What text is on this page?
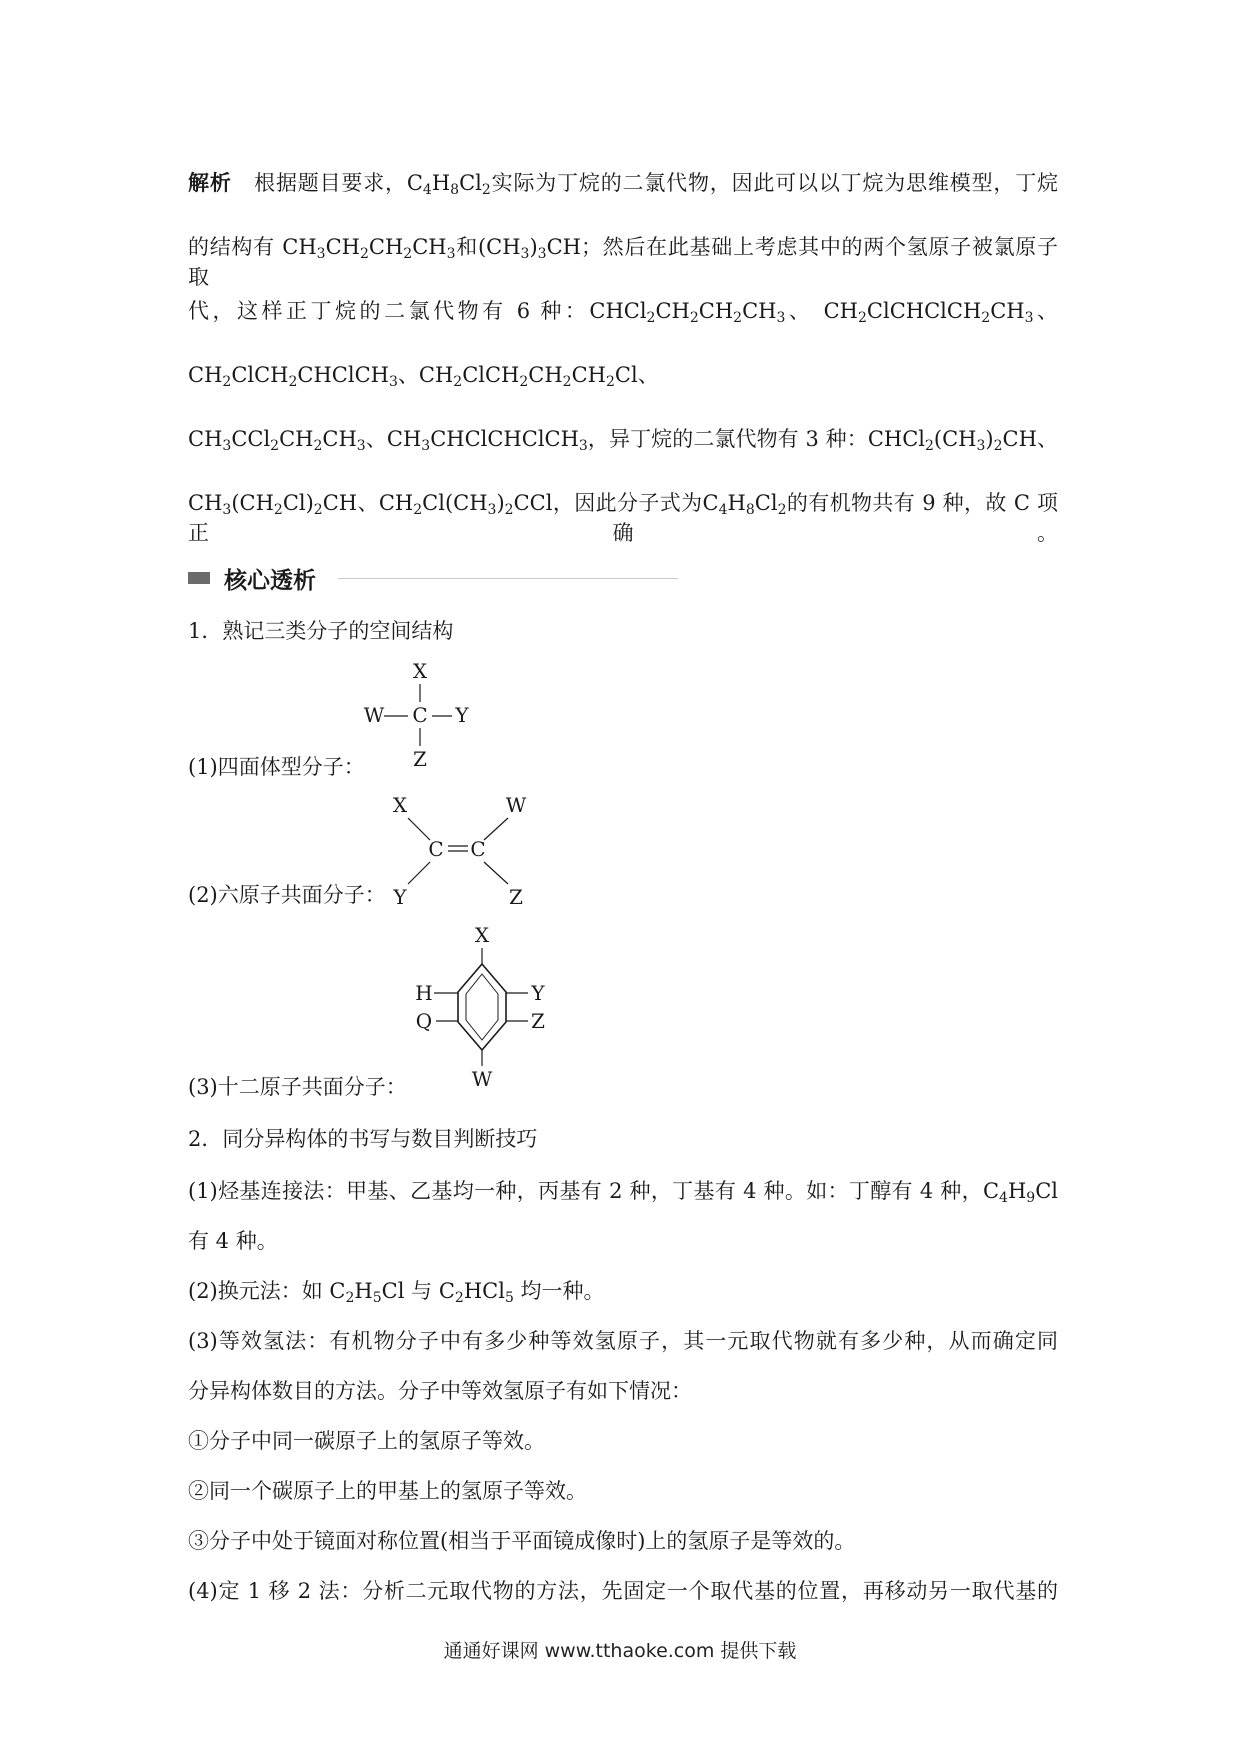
解析 根据题目要求，$C_4H_8Cl_2$实际为丁烷的二氯代物，因此可以以丁烷为思维模型，丁烷
的结构有 $CH_3CH_2CH_2CH_3$和$(CH_3)_3CH$；然后在此基础上考虑其中的两个氢原子被氯原子取
代，这样正丁烷的二氯代物有 6 种：$CHCl_2CH_2CH_2CH_3$、 $CH_2ClCHClCH_2CH_3$、
$CH_2ClCH_2CHClCH_3$、$CH_2ClCH_2CH_2CH_2Cl$、
$CH_3CCl_2CH_2CH_3$、$CH_3CHClCHClCH_3$，异丁烷的二氯代物有 3 种：$CHCl_2(CH_3)_2CH$、
$CH_3(CH_2Cl)_2CH$、$CH_2Cl(CH_3)_2CCl$，因此分子式为$C_4H_8Cl_2$的有机物共有 9 种，故 C 项正确。
核心透析
1．熟记三类分子的空间结构
(1)四面体型分子：
X
W C Y
Z
(2)六原子共面分子：
X	W
C C
Y	Z
(3)十二原子共面分子：
X
H
Q
Y
Z
W
2．同分异构体的书写与数目判断技巧
(1)烃基连接法：甲基、乙基均一种，丙基有 2 种，丁基有 4 种。如：丁醇有 4 种，$C_4H_9Cl$
有 4 种。
(2)换元法：如 $C_2H_5Cl$ 与 $C_2HCl_5$ 均一种。
(3)等效氢法：有机物分子中有多少种等效氢原子，其一元取代物就有多少种，从而确定同
分异构体数目的方法。分子中等效氢原子有如下情况：
①分子中同一碳原子上的氢原子等效。
②同一个碳原子上的甲基上的氢原子等效。
③分子中处于镜面对称位置(相当于平面镜成像时)上的氢原子是等效的。
(4)定 1 移 2 法：分析二元取代物的方法，先固定一个取代基的位置，再移动另一取代基的
通通好课网 www.tthaoke.com 提供下载
